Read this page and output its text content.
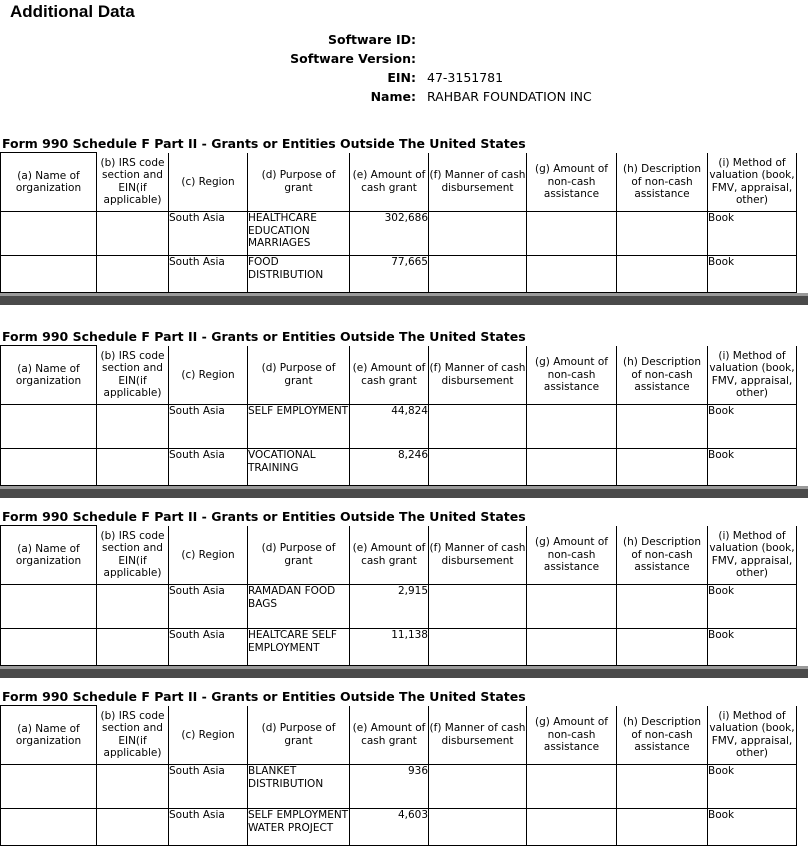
Additional Data
Software ID:
Software Version:
EIN: 47-3151781
Name: RAHBAR FOUNDATION INC
Form 990 Schedule F Part II - Grants or Entities Outside The United States
(a) Name of organization	(b) IRS code section and EIN(if applicable)	(c) Region	(d) Purpose of grant	(e) Amount of cash grant	(f) Manner of cash disbursement	(g) Amount of non-cash assistance	(h) Description of non-cash assistance	(i) Method of valuation (book, FMV, appraisal, other)
		South Asia	HEALTHCARE EDUCATION MARRIAGES	302,686				Book
		South Asia	FOOD DISTRIBUTION	77,665				Book
Form 990 Schedule F Part II - Grants or Entities Outside The United States
(a) Name of organization	(b) IRS code section and EIN(if applicable)	(c) Region	(d) Purpose of grant	(e) Amount of cash grant	(f) Manner of cash disbursement	(g) Amount of non-cash assistance	(h) Description of non-cash assistance	(i) Method of valuation (book, FMV, appraisal, other)
		South Asia	SELF EMPLOYMENT	44,824				Book
		South Asia	VOCATIONAL TRAINING	8,246				Book
Form 990 Schedule F Part II - Grants or Entities Outside The United States
(a) Name of organization	(b) IRS code section and EIN(if applicable)	(c) Region	(d) Purpose of grant	(e) Amount of cash grant	(f) Manner of cash disbursement	(g) Amount of non-cash assistance	(h) Description of non-cash assistance	(i) Method of valuation (book, FMV, appraisal, other)
		South Asia	RAMADAN FOOD BAGS	2,915				Book
		South Asia	HEALTCARE SELF EMPLOYMENT	11,138				Book
Form 990 Schedule F Part II - Grants or Entities Outside The United States
(a) Name of organization	(b) IRS code section and EIN(if applicable)	(c) Region	(d) Purpose of grant	(e) Amount of cash grant	(f) Manner of cash disbursement	(g) Amount of non-cash assistance	(h) Description of non-cash assistance	(i) Method of valuation (book, FMV, appraisal, other)
		South Asia	BLANKET DISTRIBUTION	936				Book
		South Asia	SELF EMPLOYMENT WATER PROJECT	4,603				Book
